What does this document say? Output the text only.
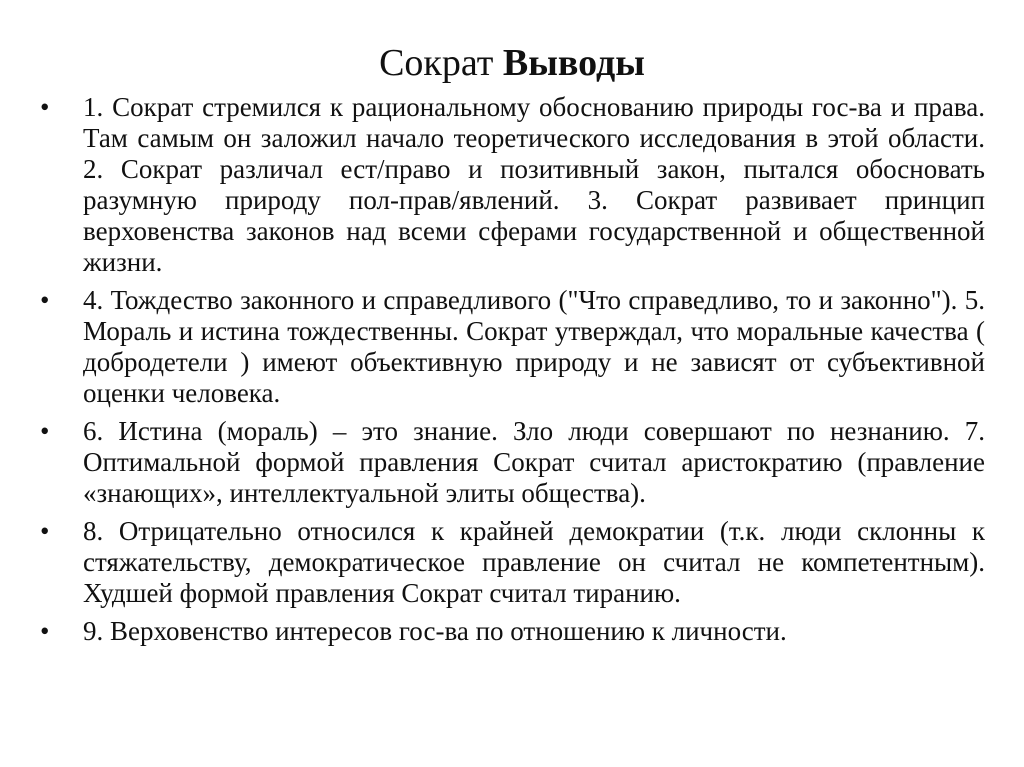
Сократ Выводы
• 1. Сократ стремился к рациональному обоснованию природы гос-ва и права. Там самым он заложил начало теоретического исследования в этой области. 2. Сократ различал ест/право и позитивный закон, пытался обосновать разумную природу пол-прав/явлений. 3. Сократ развивает принцип верховенства законов над всеми сферами государственной и общественной жизни.
• 4. Тождество законного и справедливого ("Что справедливо, то и законно"). 5. Мораль и истина тождественны. Сократ утверждал, что моральные качества ( добродетели ) имеют объективную природу и не зависят от субъективной оценки человека.
• 6. Истина (мораль) – это знание. Зло люди совершают по незнанию. 7. Оптимальной формой правления Сократ считал аристократию (правление «знающих», интеллектуальной элиты общества).
• 8. Отрицательно относился к крайней демократии (т.к. люди склонны к стяжательству, демократическое правление он считал не компетентным). Худшей формой правления Сократ считал тиранию.
• 9. Верховенство интересов гос-ва по отношению к личности.
